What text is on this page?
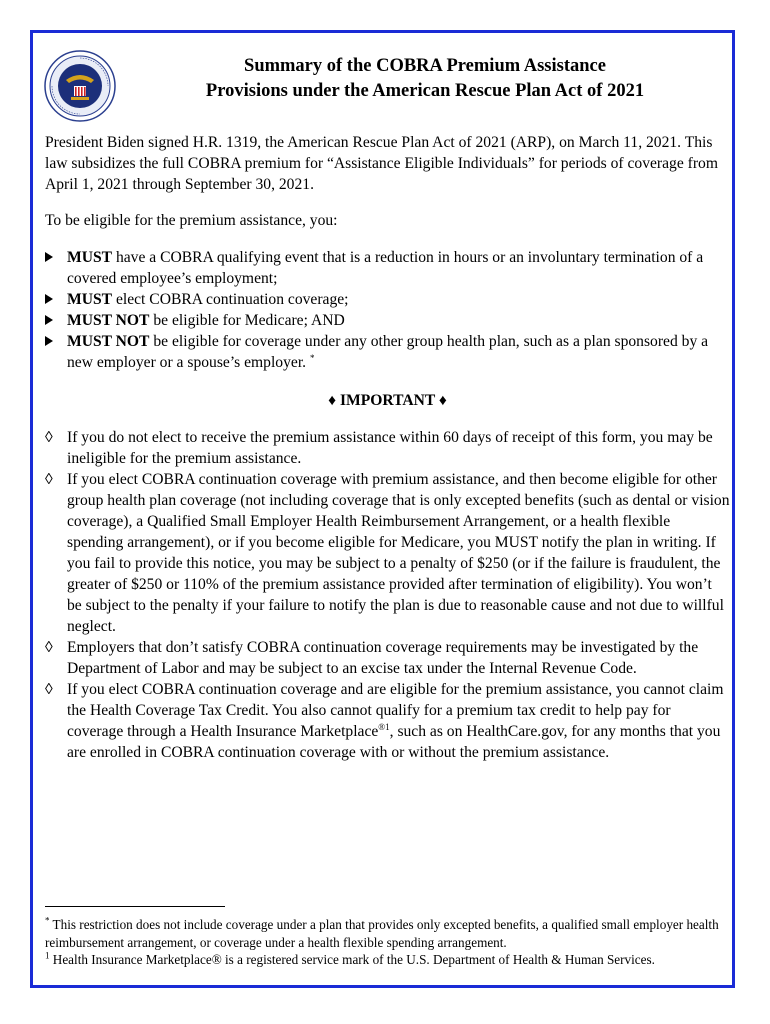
Summary of the COBRA Premium Assistance
Provisions under the American Rescue Plan Act of 2021

President Biden signed H.R. 1319, the American Rescue Plan Act of 2021 (ARP), on March 11, 2021. This law subsidizes the full COBRA premium for “Assistance Eligible Individuals” for periods of coverage from April 1, 2021 through September 30, 2021.

To be eligible for the premium assistance, you:

MUST have a COBRA qualifying event that is a reduction in hours or an involuntary termination of a covered employee’s employment;
MUST elect COBRA continuation coverage;
MUST NOT be eligible for Medicare; AND
MUST NOT be eligible for coverage under any other group health plan, such as a plan sponsored by a new employer or a spouse’s employer. *
♦ IMPORTANT ♦
◊ If you do not elect to receive the premium assistance within 60 days of receipt of this form, you may be ineligible for the premium assistance.
◊ If you elect COBRA continuation coverage with premium assistance, and then become eligible for other group health plan coverage (not including coverage that is only excepted benefits (such as dental or vision coverage), a Qualified Small Employer Health Reimbursement Arrangement, or a health flexible spending arrangement), or if you become eligible for Medicare, you MUST notify the plan in writing. If you fail to provide this notice, you may be subject to a penalty of $250 (or if the failure is fraudulent, the greater of $250 or 110% of the premium assistance provided after termination of eligibility). You won’t be subject to the penalty if your failure to notify the plan is due to reasonable cause and not due to willful neglect.
◊ Employers that don’t satisfy COBRA continuation coverage requirements may be investigated by the Department of Labor and may be subject to an excise tax under the Internal Revenue Code.
◊ If you elect COBRA continuation coverage and are eligible for the premium assistance, you cannot claim the Health Coverage Tax Credit. You also cannot qualify for a premium tax credit to help pay for coverage through a Health Insurance Marketplace$^{®1}$, such as on HealthCare.gov, for any months that you are enrolled in COBRA continuation coverage with or without the premium assistance.

* This restriction does not include coverage under a plan that provides only excepted benefits, a qualified small employer health reimbursement arrangement, or coverage under a health flexible spending arrangement.

$^1$ Health Insurance Marketplace® is a registered service mark of the U.S. Department of Health & Human Services.
